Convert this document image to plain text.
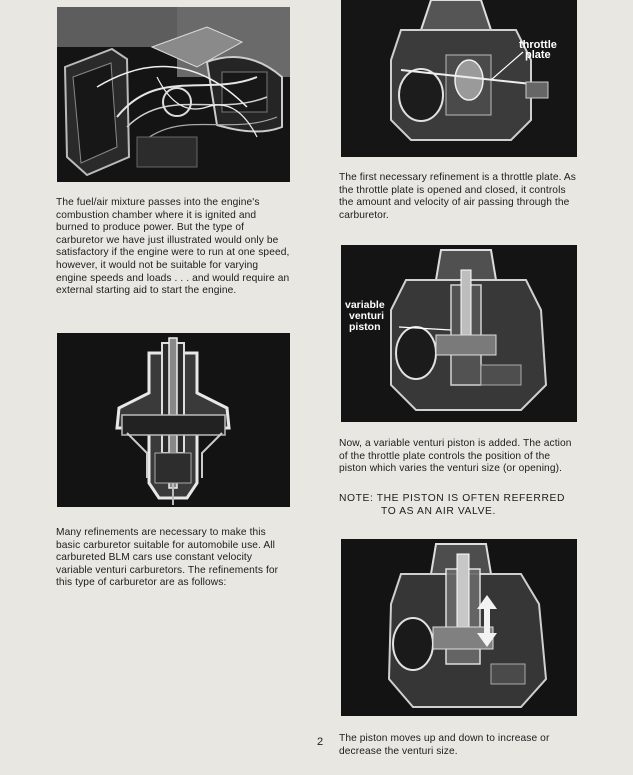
The fuel/air mixture passes into the engine's combustion chamber where it is ignited and burned to produce power. But the type of carburetor we have just illustrated would only be satisfactory if the engine were to run at one speed, however, it would not be suitable for varying engine speeds and loads . . . and would require an external starting aid to start the engine.

Many refinements are necessary to make this basic carburetor suitable for automobile use. All carbureted BLM cars use constant velocity variable venturi carburetors. The refinements for this type of carburetor are as follows:

throttle
plate

The first necessary refinement is a throttle plate. As the throttle plate is opened and closed, it controls the amount and velocity of air passing through the carburetor.

variable
venturi
piston

Now, a variable venturi piston is added. The action of the throttle plate controls the position of the piston which varies the venturi size (or opening).

NOTE: THE PISTON IS OFTEN REFERRED
TO AS AN AIR VALVE.
2 The piston moves up and down to increase or decrease the venturi size.
